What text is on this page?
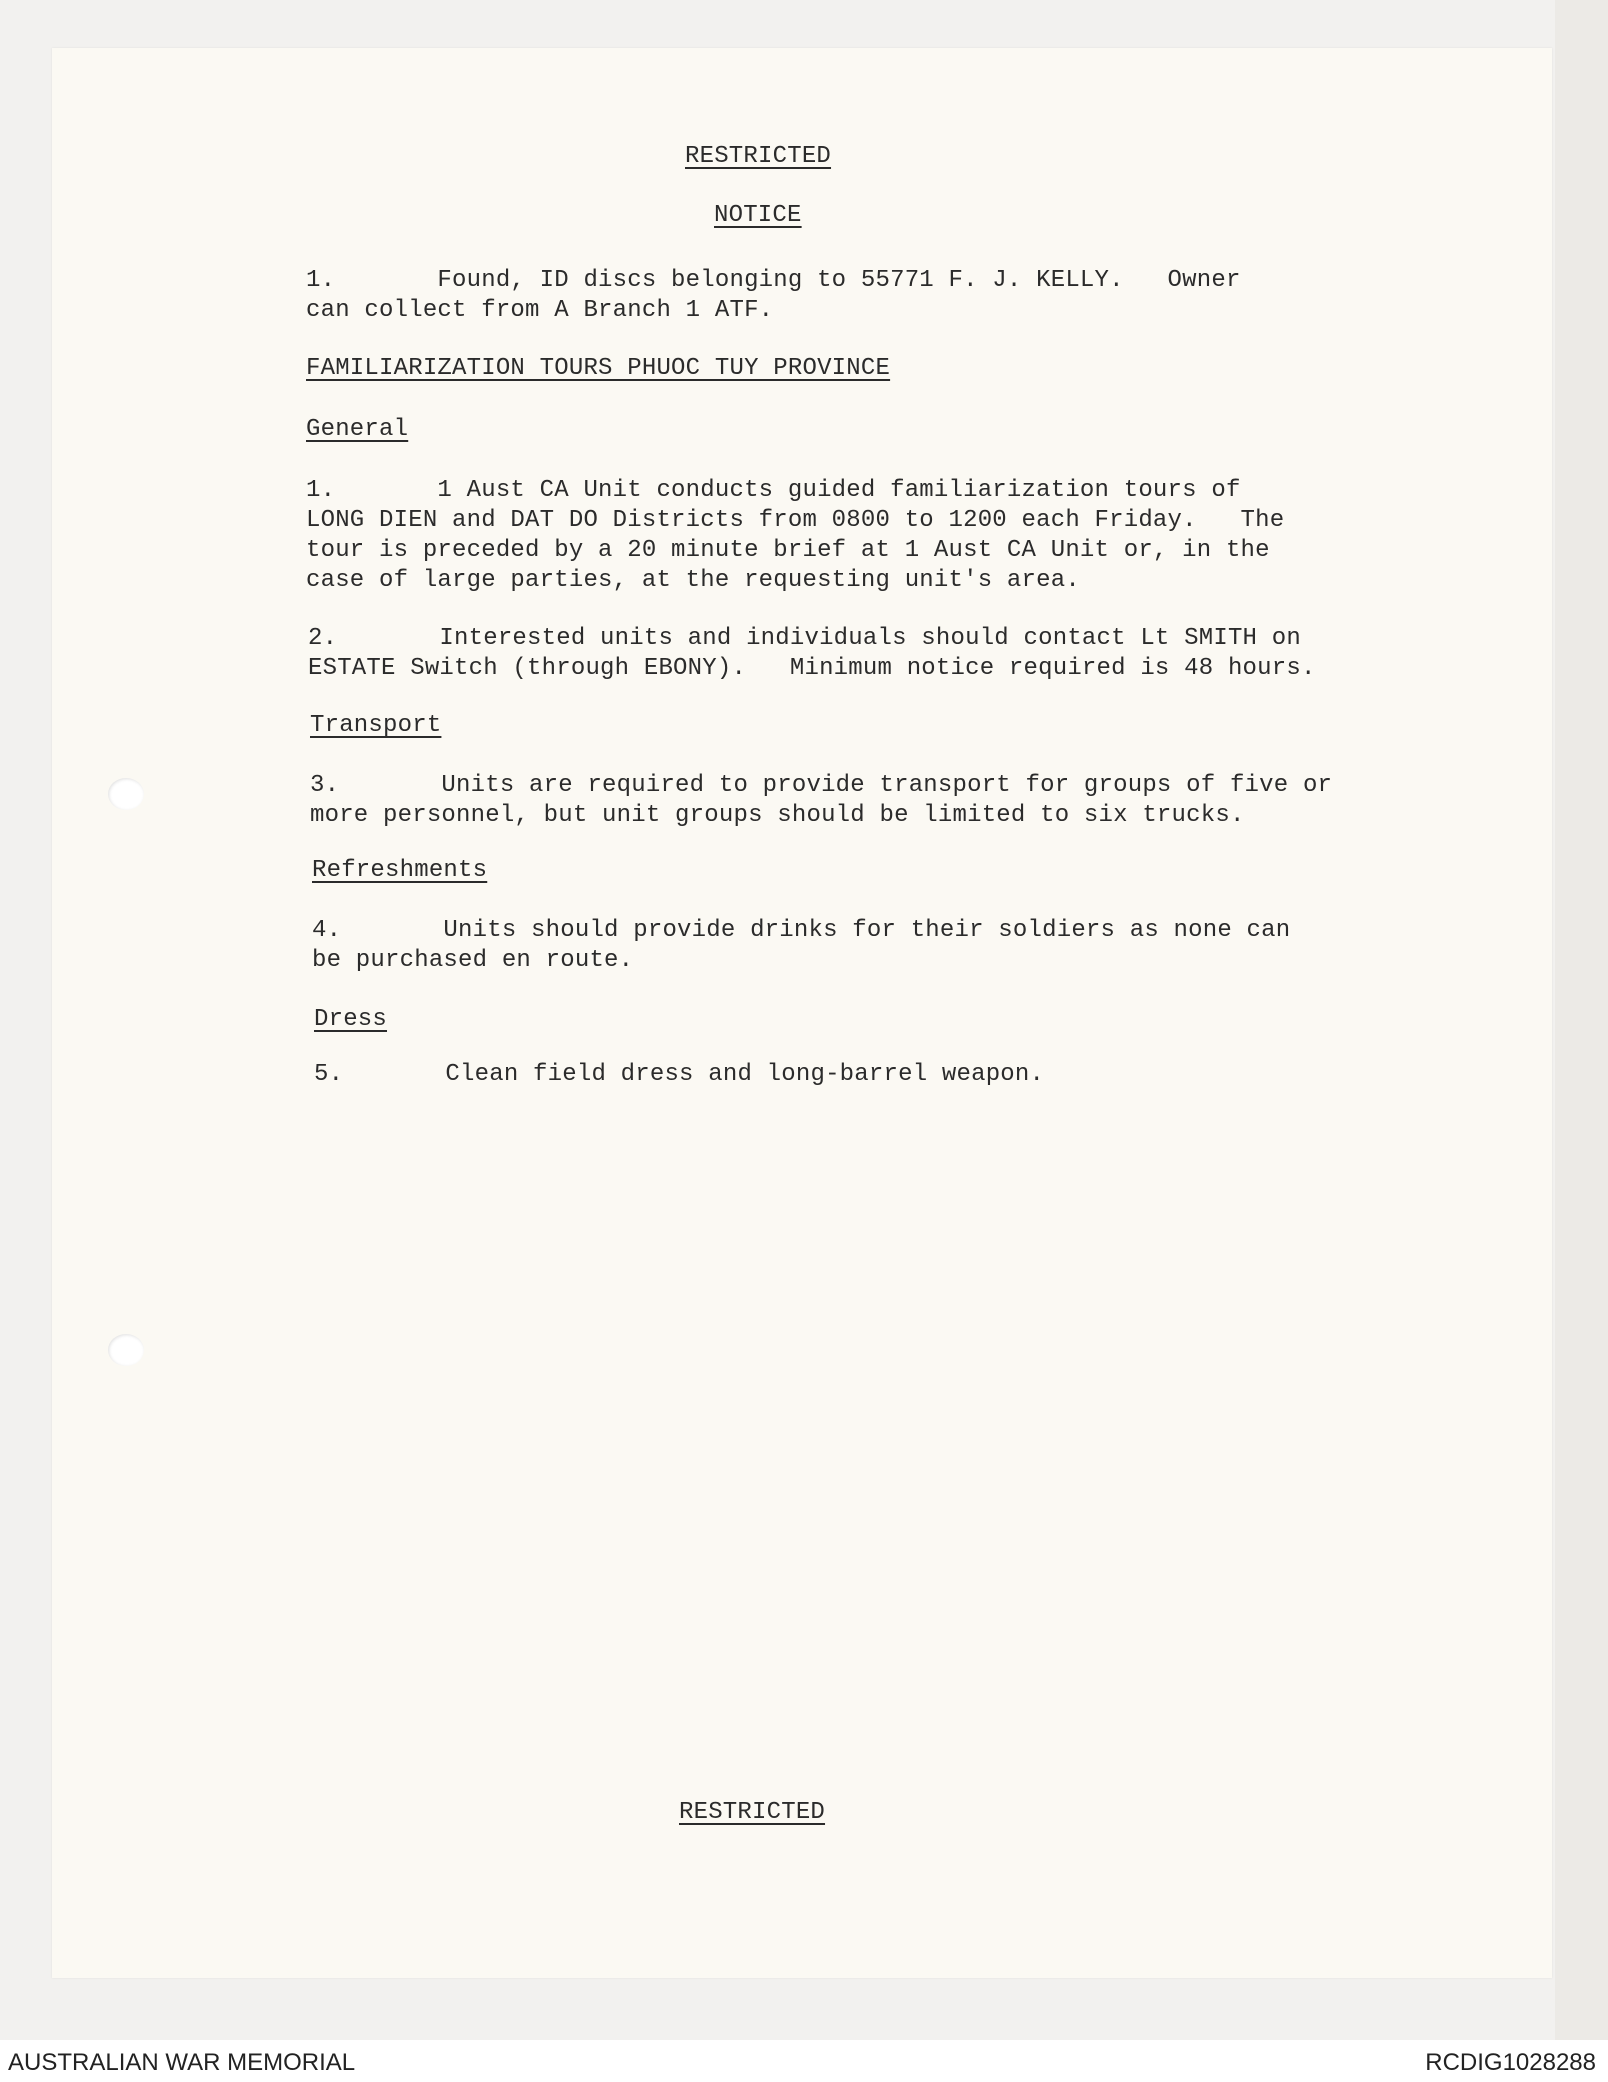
RESTRICTED
NOTICE
1.       Found, ID discs belonging to 55771 F. J. KELLY.   Owner
can collect from A Branch 1 ATF.
FAMILIARIZATION TOURS PHUOC TUY PROVINCE
General
1.       1 Aust CA Unit conducts guided familiarization tours of
LONG DIEN and DAT DO Districts from 0800 to 1200 each Friday.   The
tour is preceded by a 20 minute brief at 1 Aust CA Unit or, in the
case of large parties, at the requesting unit's area.
2.       Interested units and individuals should contact Lt SMITH on
ESTATE Switch (through EBONY).   Minimum notice required is 48 hours.
Transport
3.       Units are required to provide transport for groups of five or
more personnel, but unit groups should be limited to six trucks.
Refreshments
4.       Units should provide drinks for their soldiers as none can
be purchased en route.
Dress
5.       Clean field dress and long-barrel weapon.
RESTRICTED
AUSTRALIAN WAR MEMORIAL	RCDIG1028288
